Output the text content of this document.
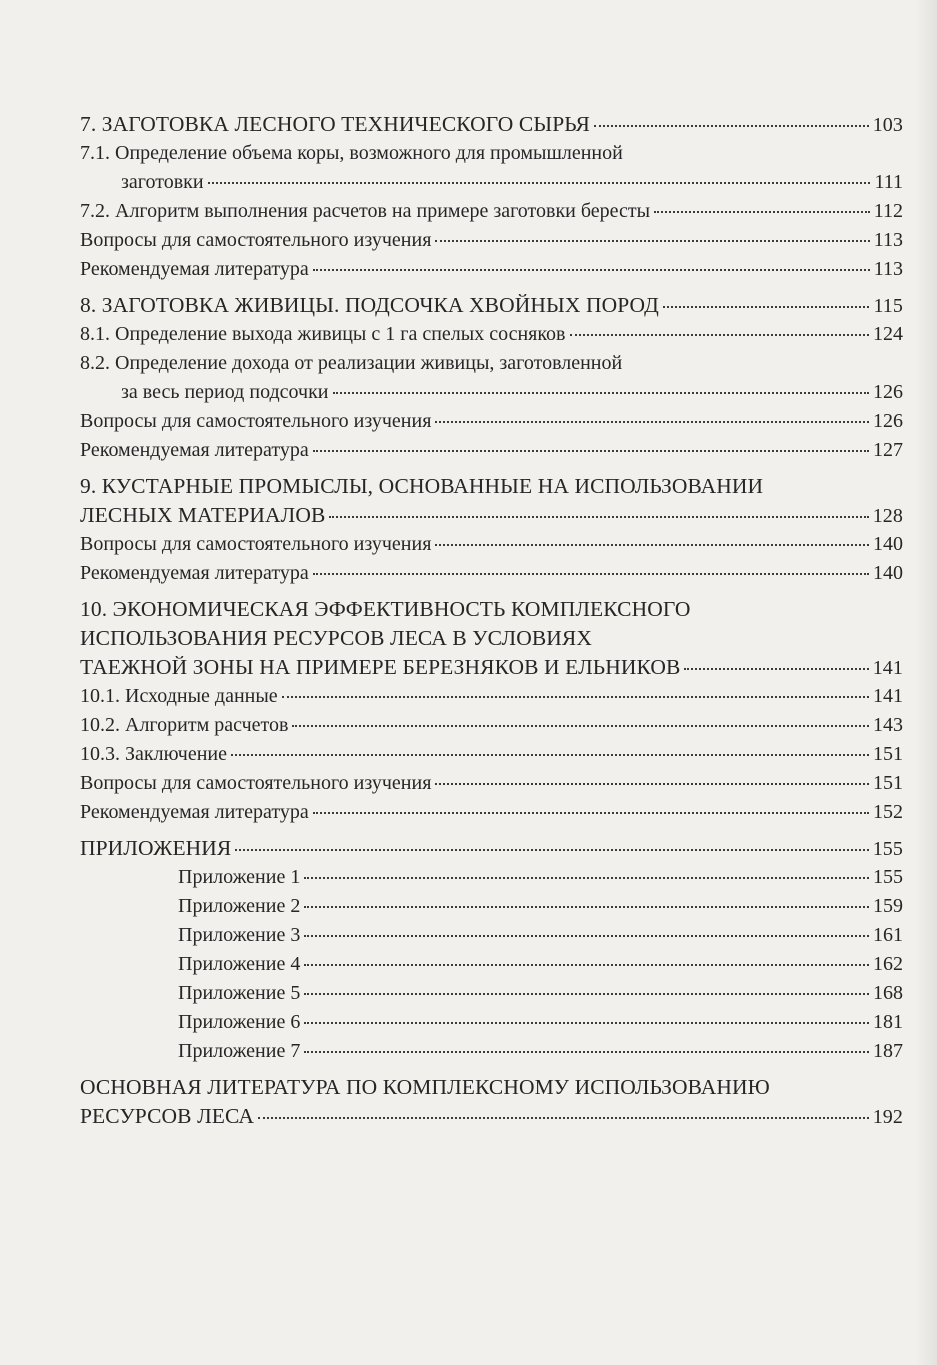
7. ЗАГОТОВКА ЛЕСНОГО ТЕХНИЧЕСКОГО СЫРЬЯ	103
7.1. Определение объема коры, возможного для промышленной
заготовки	111
7.2. Алгоритм выполнения расчетов на примере заготовки бересты	112
Вопросы для самостоятельного изучения	113
Рекомендуемая литература	113
8. ЗАГОТОВКА ЖИВИЦЫ. ПОДСОЧКА ХВОЙНЫХ ПОРОД	115
8.1. Определение выхода живицы с 1 га спелых сосняков	124
8.2. Определение дохода от реализации живицы, заготовленной
за весь период подсочки	126
Вопросы для самостоятельного изучения	126
Рекомендуемая литература	127
9. КУСТАРНЫЕ ПРОМЫСЛЫ, ОСНОВАННЫЕ НА ИСПОЛЬЗОВАНИИ
ЛЕСНЫХ МАТЕРИАЛОВ	128
Вопросы для самостоятельного изучения	140
Рекомендуемая литература	140
10. ЭКОНОМИЧЕСКАЯ ЭФФЕКТИВНОСТЬ КОМПЛЕКСНОГО
ИСПОЛЬЗОВАНИЯ РЕСУРСОВ ЛЕСА В УСЛОВИЯХ
ТАЕЖНОЙ ЗОНЫ НА ПРИМЕРЕ БЕРЕЗНЯКОВ И ЕЛЬНИКОВ	141
10.1. Исходные данные	141
10.2. Алгоритм расчетов	143
10.3. Заключение	151
Вопросы для самостоятельного изучения	151
Рекомендуемая литература	152
ПРИЛОЖЕНИЯ	155
Приложение 1	155
Приложение 2	159
Приложение 3	161
Приложение 4	162
Приложение 5	168
Приложение 6	181
Приложение 7	187
ОСНОВНАЯ ЛИТЕРАТУРА ПО КОМПЛЕКСНОМУ ИСПОЛЬЗОВАНИЮ
РЕСУРСОВ ЛЕСА	192
